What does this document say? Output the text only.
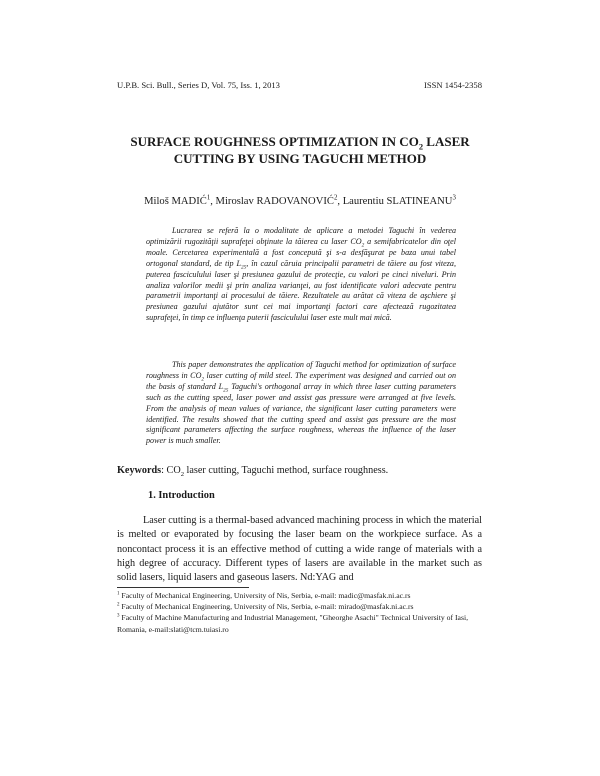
U.P.B. Sci. Bull., Series D, Vol. 75, Iss. 1, 2013	ISSN 1454-2358
SURFACE ROUGHNESS OPTIMIZATION IN $CO_2$ LASER
CUTTING BY USING TAGUCHI METHOD
Miloš MADIĆ$^1$, Miroslav RADOVANOVIĆ$^2$, Laurentiu SLATINEANU$^3$

Lucrarea se referă la o modalitate de aplicare a metodei Taguchi în vederea optimizării rugozităţii suprafeţei obţinute la tăierea cu laser $CO_2$ a semifabricatelor din oţel moale. Cercetarea experimentală a fost concepută şi s-a desfăşurat pe baza unui tabel ortogonal standard, de tip $L_{25}$, în cazul căruia principalii parametri de tăiere au fost viteza, puterea fasciculului laser şi presiunea gazului de protecţie, cu valori pe cinci niveluri. Prin analiza valorilor medii şi prin analiza varianţei, au fost identificate valori adecvate pentru parametrii importanţi ai procesului de tăiere. Rezultatele au arătat că viteza de aşchiere şi presiunea gazului ajutător sunt cei mai importanţi factori care afectează rugozitatea suprafeţei, în timp ce influenţa puterii fasciculului laser este mult mai mică.

This paper demonstrates the application of Taguchi method for optimization of surface roughness in $CO_2$ laser cutting of mild steel. The experiment was designed and carried out on the basis of standard $L_{25}$ Taguchi's orthogonal array in which three laser cutting parameters such as the cutting speed, laser power and assist gas pressure were arranged at five levels. From the analysis of mean values of variance, the significant laser cutting parameters were identified. The results showed that the cutting speed and assist gas pressure are the most significant parameters affecting the surface roughness, whereas the influence of the laser power is much smaller.

Keywords: $CO_2$ laser cutting, Taguchi method, surface roughness.
1. Introduction

Laser cutting is a thermal-based advanced machining process in which the material is melted or evaporated by focusing the laser beam on the workpiece surface. As a noncontact process it is an effective method of cutting a wide range of materials with a high degree of accuracy. Different types of lasers are available in the market such as solid lasers, liquid lasers and gaseous lasers. Nd:YAG and

$^1$ Faculty of Mechanical Engineering, University of Nis, Serbia, e-mail: madic@masfak.ni.ac.rs

$^2$ Faculty of Mechanical Engineering, University of Nis, Serbia, e-mail: mirado@masfak.ni.ac.rs

$^3$ Faculty of Machine Manufacturing and Industrial Management, "Gheorghe Asachi" Technical University of Iasi, Romania, e-mail:slati@tcm.tuiasi.ro
